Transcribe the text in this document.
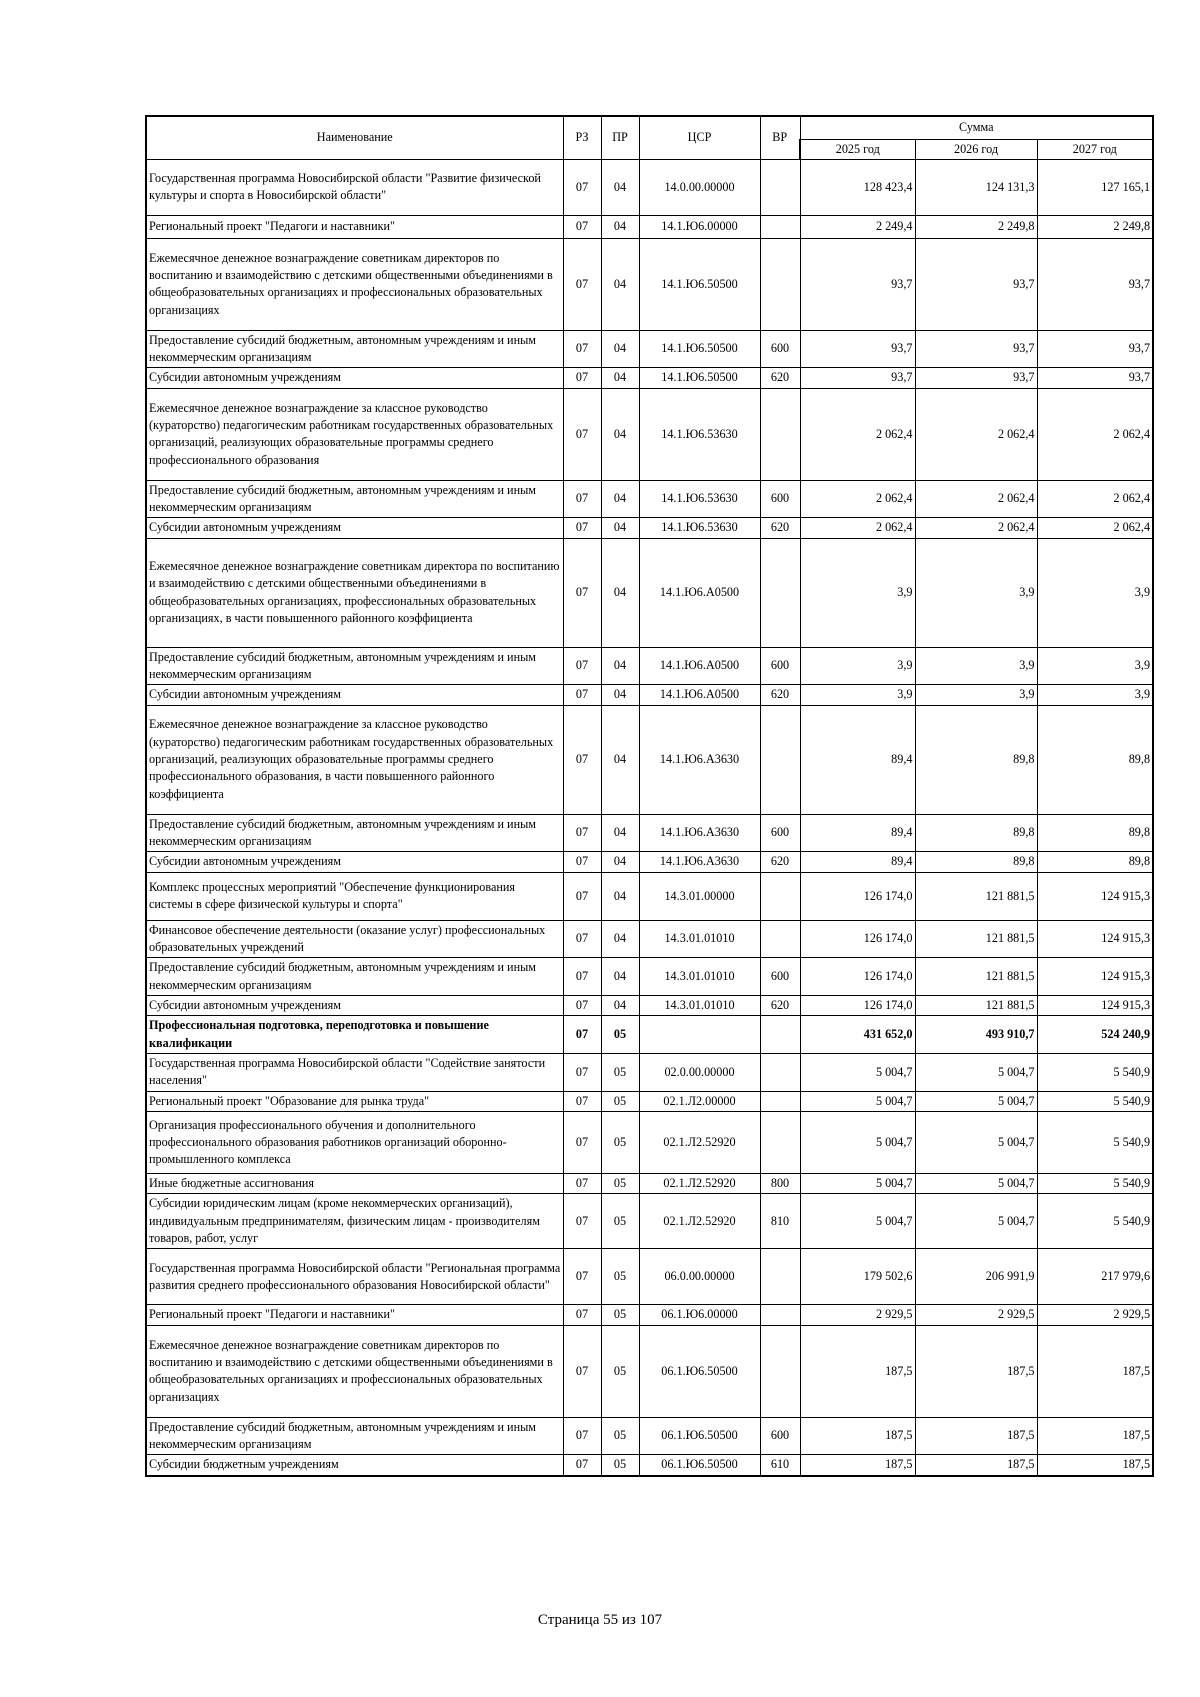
Наименование	РЗ	ПР	ЦСР	ВР	Сумма		
					2025 год	2026 год	2027 год
Государственная программа Новосибирской области "Развитие физической культуры и спорта в Новосибирской области"	07	04	14.0.00.00000		128 423,4	124 131,3	127 165,1
Региональный проект "Педагоги и наставники"	07	04	14.1.Ю6.00000		2 249,4	2 249,8	2 249,8
Ежемесячное денежное вознаграждение советникам директоров по воспитанию и взаимодействию с детскими общественными объединениями в общеобразовательных организациях и профессиональных образовательных организациях	07	04	14.1.Ю6.50500		93,7	93,7	93,7
Предоставление субсидий бюджетным, автономным учреждениям и иным некоммерческим организациям	07	04	14.1.Ю6.50500	600	93,7	93,7	93,7
Субсидии автономным учреждениям	07	04	14.1.Ю6.50500	620	93,7	93,7	93,7
Ежемесячное денежное вознаграждение за классное руководство (кураторство) педагогическим работникам государственных образовательных организаций, реализующих образовательные программы среднего профессионального образования	07	04	14.1.Ю6.53630		2 062,4	2 062,4	2 062,4
Предоставление субсидий бюджетным, автономным учреждениям и иным некоммерческим организациям	07	04	14.1.Ю6.53630	600	2 062,4	2 062,4	2 062,4
Субсидии автономным учреждениям	07	04	14.1.Ю6.53630	620	2 062,4	2 062,4	2 062,4
Ежемесячное денежное вознаграждение советникам директора по воспитанию и взаимодействию с детскими общественными объединениями в общеобразовательных организациях, профессиональных образовательных организациях, в части повышенного районного коэффициента	07	04	14.1.Ю6.А0500		3,9	3,9	3,9
Предоставление субсидий бюджетным, автономным учреждениям и иным некоммерческим организациям	07	04	14.1.Ю6.А0500	600	3,9	3,9	3,9
Субсидии автономным учреждениям	07	04	14.1.Ю6.А0500	620	3,9	3,9	3,9
Ежемесячное денежное вознаграждение за классное руководство (кураторство) педагогическим работникам государственных образовательных организаций, реализующих образовательные программы среднего профессионального образования, в части повышенного районного коэффициента	07	04	14.1.Ю6.А3630		89,4	89,8	89,8
Предоставление субсидий бюджетным, автономным учреждениям и иным некоммерческим организациям	07	04	14.1.Ю6.А3630	600	89,4	89,8	89,8
Субсидии автономным учреждениям	07	04	14.1.Ю6.А3630	620	89,4	89,8	89,8
Комплекс процессных мероприятий "Обеспечение функционирования системы в сфере физической культуры и спорта"	07	04	14.3.01.00000		126 174,0	121 881,5	124 915,3
Финансовое обеспечение деятельности (оказание услуг) профессиональных образовательных учреждений	07	04	14.3.01.01010		126 174,0	121 881,5	124 915,3
Предоставление субсидий бюджетным, автономным учреждениям и иным некоммерческим организациям	07	04	14.3.01.01010	600	126 174,0	121 881,5	124 915,3
Субсидии автономным учреждениям	07	04	14.3.01.01010	620	126 174,0	121 881,5	124 915,3
Профессиональная подготовка, переподготовка и повышение квалификации	07	05			431 652,0	493 910,7	524 240,9
Государственная программа Новосибирской области "Содействие занятости населения"	07	05	02.0.00.00000		5 004,7	5 004,7	5 540,9
Региональный проект "Образование для рынка труда"	07	05	02.1.Л2.00000		5 004,7	5 004,7	5 540,9
Организация профессионального обучения и дополнительного профессионального образования работников организаций оборонно-промышленного комплекса	07	05	02.1.Л2.52920		5 004,7	5 004,7	5 540,9
Иные бюджетные ассигнования	07	05	02.1.Л2.52920	800	5 004,7	5 004,7	5 540,9
Субсидии юридическим лицам (кроме некоммерческих организаций), индивидуальным предпринимателям, физическим лицам - производителям товаров, работ, услуг	07	05	02.1.Л2.52920	810	5 004,7	5 004,7	5 540,9
Государственная программа Новосибирской области "Региональная программа развития среднего профессионального образования Новосибирской области"	07	05	06.0.00.00000		179 502,6	206 991,9	217 979,6
Региональный проект "Педагоги и наставники"	07	05	06.1.Ю6.00000		2 929,5	2 929,5	2 929,5
Ежемесячное денежное вознаграждение советникам директоров по воспитанию и взаимодействию с детскими общественными объединениями в общеобразовательных организациях и профессиональных образовательных организациях	07	05	06.1.Ю6.50500		187,5	187,5	187,5
Предоставление субсидий бюджетным, автономным учреждениям и иным некоммерческим организациям	07	05	06.1.Ю6.50500	600	187,5	187,5	187,5
Субсидии бюджетным учреждениям	07	05	06.1.Ю6.50500	610	187,5	187,5	187,5
Страница 55 из 107
